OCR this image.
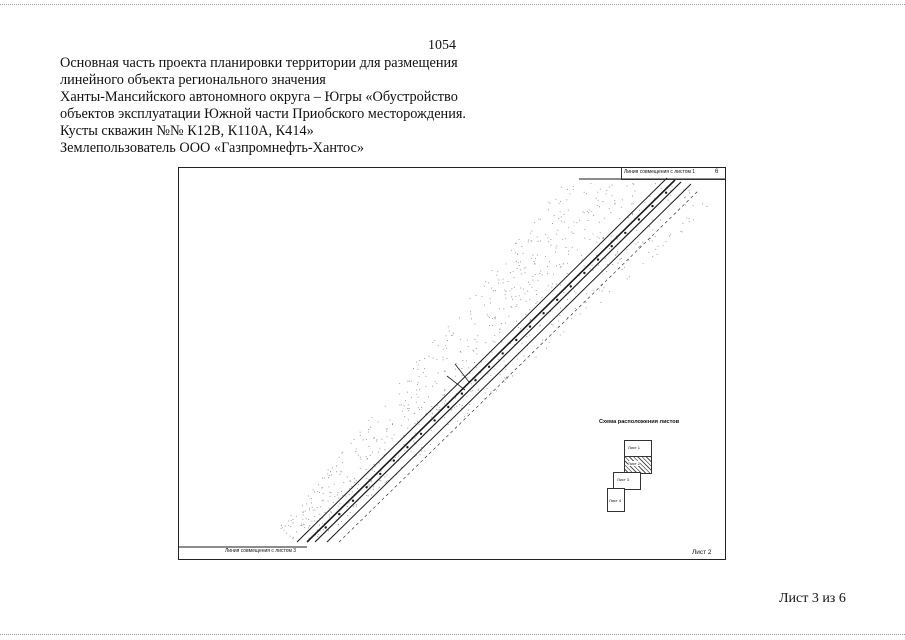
1054
Основная часть проекта планировки территории для размещения
линейного объекта регионального значения
Ханты-Мансийского автономного округа – Югры «Обустройство
объектов эксплуатации Южной части Приобского месторождения.
Кусты скважин №№ К12В, К110А, К414»
Землепользователь ООО «Газпромнефть-Хантос»
Линия совмещения с листом 1	6
Линия совмещения с листом 3	Лист 2
Схема расположения листов
Лист 1
Лист 2
Лист 3
Лист 4
Лист 3 из 6
